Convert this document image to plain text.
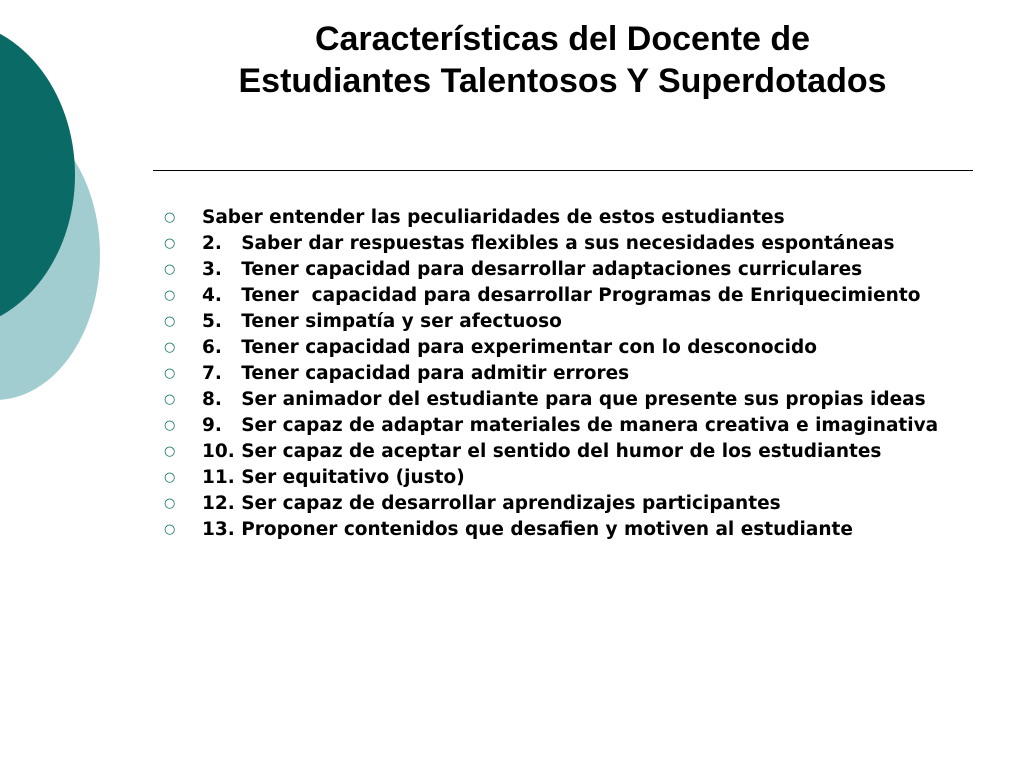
Características del Docente de
Estudiantes Talentosos Y Superdotados
○	Saber entender las peculiaridades de estos estudiantes
○	2.   Saber dar respuestas flexibles a sus necesidades espontáneas
○	3.   Tener capacidad para desarrollar adaptaciones curriculares
○	4.   Tener  capacidad para desarrollar Programas de Enriquecimiento
○	5.   Tener simpatía y ser afectuoso
○	6.   Tener capacidad para experimentar con lo desconocido
○	7.   Tener capacidad para admitir errores
○	8.   Ser animador del estudiante para que presente sus propias ideas
○	9.   Ser capaz de adaptar materiales de manera creativa e imaginativa
○	10. Ser capaz de aceptar el sentido del humor de los estudiantes
○	11. Ser equitativo (justo)
○	12. Ser capaz de desarrollar aprendizajes participantes
○	13. Proponer contenidos que desafien y motiven al estudiante
